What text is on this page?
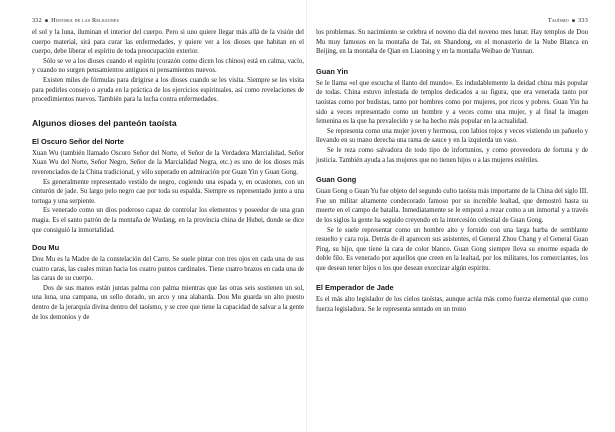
332 ■ Historia de las Religiones

el sol y la luna, iluminan el interior del cuerpo. Pero si uno quiere llegar más allá de la visión del cuerpo material, sirá para curar las enfermedades, y quiere ver a los dioses que habitan en el cuerpo, debe liberar el espíritu de toda preocupación exterior.

Sólo se ve a los dioses cuando el espíritu (corazón como dicen los chinos) está en calma, vacío, y cuando no surgen pensamientos antiguos ni pensamientos nuevos.

Existen miles de fórmulas para dirigirse a los dioses cuando se les visita. Siempre se les visita para pedirles consejo o ayuda en la práctica de los ejercicios espirituales, así como revelaciones de procedimientos nuevos. También para la lucha contra enfermedades.

Algunos dioses del panteón taoísta
El Oscuro Señor del Norte

Xuan Wu (también llamado Oscuro Señor del Norte, el Señor de la Verdadera Marcialidad, Señor Xuan Wu del Norte, Señor Negro, Señor de la Marcialidad Negra, etc.) es uno de los dioses más reverenciados de la China tradicional, y sólo superado en admiración por Guan Yin y Guan Gong.

Es generalmente representado vestido de negro, cogiendo una espada y, en ocasiones, con un cinturón de jade. Su largo pelo negro cae por toda su espalda. Siempre es representado junto a una tortuga y una serpiente.

Es venerado como un dios poderoso capaz de controlar los elementos y poseedor de una gran magia. Es el santo patrón de la montaña de Wudang, en la provincia china de Hubei, donde se dice que consiguió la inmortalidad.

Dou Mu

Dou Mu es la Madre de la constelación del Carro. Se suele pintar con tres ojos en cada una de sus cuatro caras, las cuales miran hacia los cuatro puntos cardinales. Tiene cuatro brazos en cada una de las caras de su cuerpo.

Dos de sus manos están juntas palma con palma mientras que las otras seis sostienen un sol, una luna, una campana, un sello dorado, un arco y una alabarda. Dou Mu guarda un alto puesto dentro de la jerarquía divina dentro del taoísmo, y se cree que tiene la capacidad de salvar a la gente de los demonios y de

Taoísmo ■ 333

los problemas. Su nacimiento se celebra el noveno día del noveno mes lunar. Hay templos de Dou Mu muy famosos en la montaña de Tai, en Shandong, en el monasterio de la Nube Blanca en Beijing, en la montaña de Qian en Liaoning y en la montaña Weibao de Yunnan.

Guan Yin

Se le llama «el que escucha el llanto del mundo». Es indudablemente la deidad china más popular de todas. China estuvo infestada de templos dedicados a su figura, que era venerada tanto por taoístas como por budistas, tanto por hombres como por mujeres, por ricos y pobres. Guan Yin ha sido a veces representado como un hombre y a veces como una mujer, y al final la imagen femenina es la que ha prevalecido y se ha hecho más popular en la actualidad.

Se representa como una mujer joven y hermosa, con labios rojos y veces vistiendo un pañuelo y llevando en su mano derecha una rama de sauce y en la izquierda un vaso.

Se le reza como salvadora de todo tipo de infortunios, y como proveedora de fortuna y de justicia. También ayuda a las mujeres que no tienen hijos o a las mujeres estériles.

Guan Gong

Guan Gong o Guan Yu fue objeto del segundo culto taoísta más importante de la China del siglo III. Fue un militar altamente condecorado famoso por su increíble lealtad, que demostró hasta su muerte en el campo de batalla. Inmediatamente se le empezó a rezar como a un inmortal y a través de los siglos la gente ha seguido creyendo en la intercesión celestial de Guan Gong.

Se le suele representar como un hombre alto y fornido con una larga barba de semblante resuelto y cara roja. Detrás de él aparecen sus asistentes, el General Zhou Chang y el General Guan Ping, su hijo, que tiene la cara de color blanco. Guan Gong siempre lleva su enorme espada de doble filo. Es venerado por aquellos que creen en la lealtad, por los militares, los comerciantes, los que desean tener hijos o los que desean exorcizar algún espíritu.

El Emperador de Jade

Es el más alto legislador de los cielos taoístas, aunque actúa más como fuerza elemental que como fuerza legisladora. Se le representa sentado en un trono
